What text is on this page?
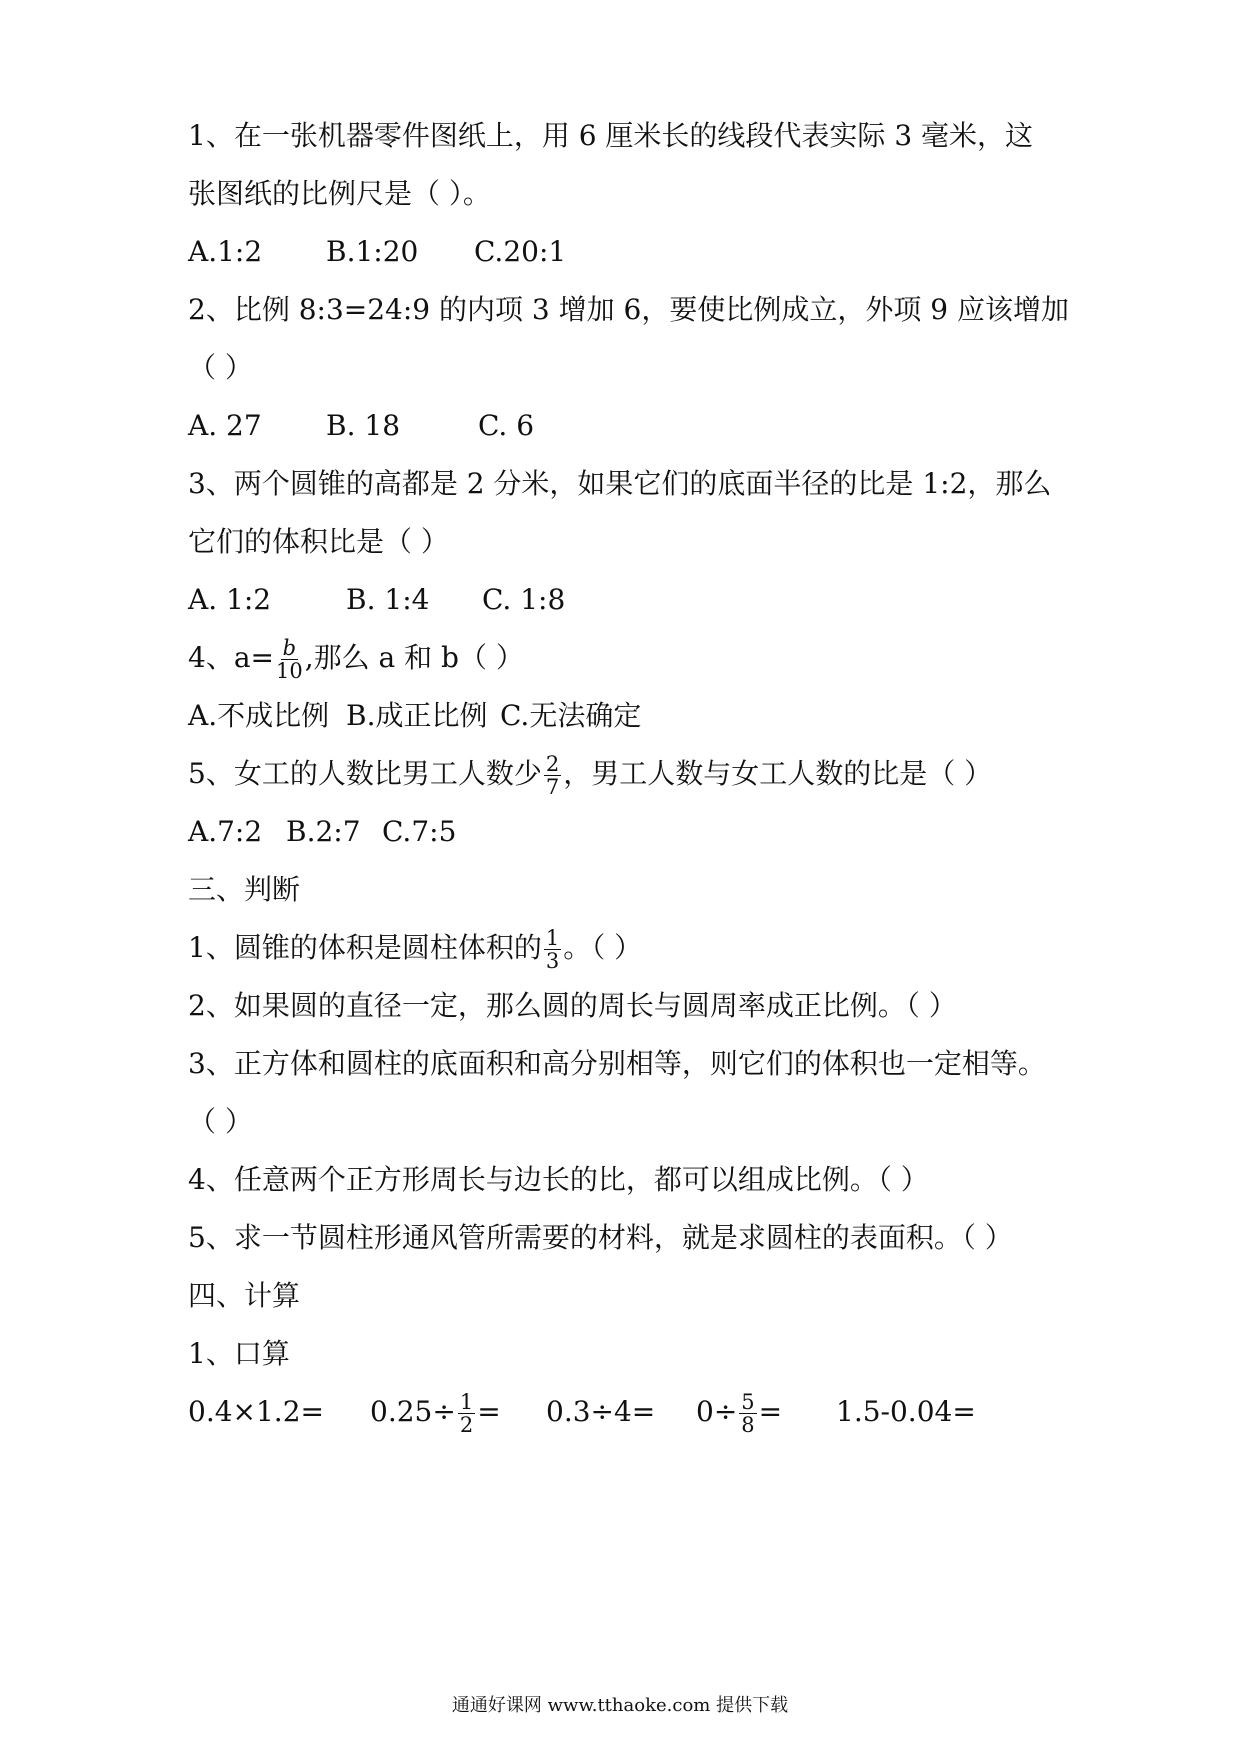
1、在一张机器零件图纸上，用 6 厘米长的线段代表实际 3 毫米，这
张图纸的比例尺是（ ）。
A.1:2 B.1:20 C.20:1
2、比例 8:3=24:9 的内项 3 增加 6，要使比例成立，外项 9 应该增加
（ ）
A. 27 B. 18	C. 6
3、两个圆锥的高都是 2 分米，如果它们的底面半径的比是 1:2，那么
它们的体积比是（ ）
A. 1:2	B. 1:4 C. 1:8
4、$a= \frac{b}{10}$ ,那么 a 和 b（ ）
A.不成比例 B.成正比例 C.无法确定
5、女工的人数比男工人数少 $\frac{2}{7}$ ，男工人数与女工人数的比是（ ）
A.7:2 B.2:7 C.7:5
三、判断
1、圆锥的体积是圆柱体积的 $\frac{1}{3}$ 。（ ）
2、如果圆的直径一定，那么圆的周长与圆周率成正比例。（ ）
3、正方体和圆柱的底面积和高分别相等，则它们的体积也一定相等。
（ ）
4、任意两个正方形周长与边长的比，都可以组成比例。（ ）
5、求一节圆柱形通风管所需要的材料，就是求圆柱的表面积。（ ）
四、计算
1、口算
$0.4\times 1.2= 0.25\div \frac{1}{2} = 0.3\div 4= 0\div \frac{5}{8} = 1.5-0.04=$
通通好课网 www.tthaoke.com 提供下载
